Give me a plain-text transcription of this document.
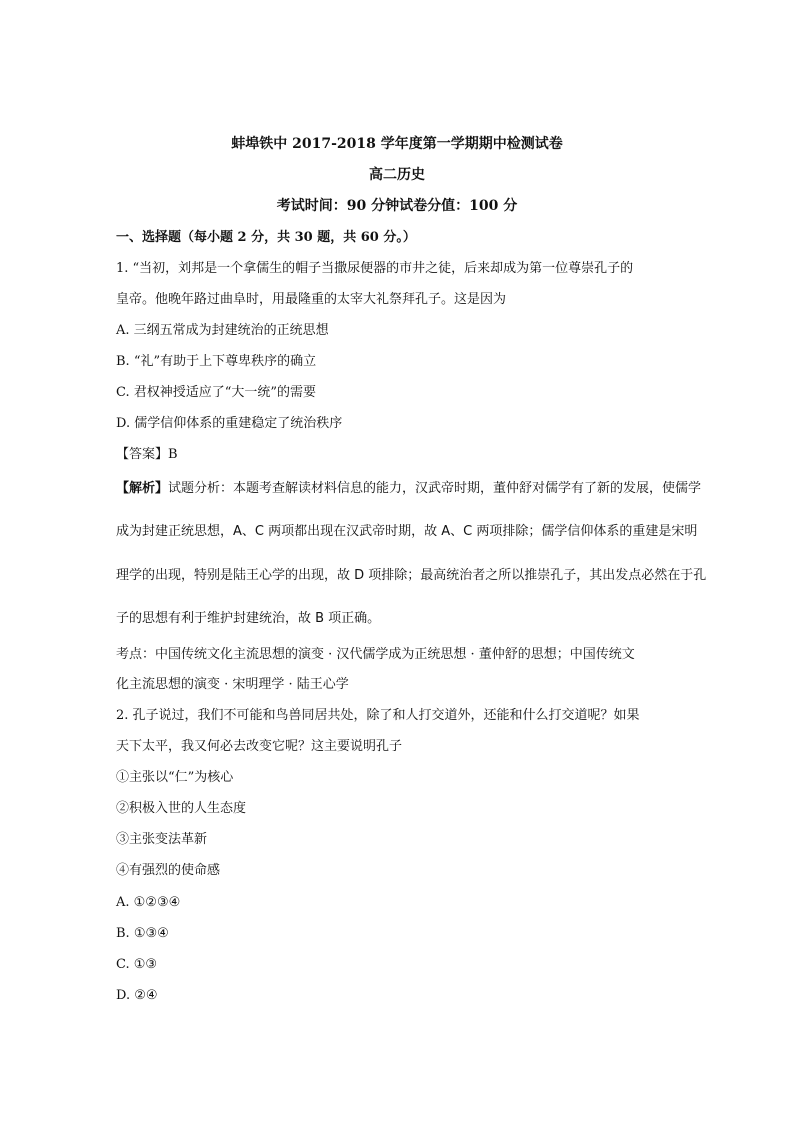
蚌埠铁中 2017-2018 学年度第一学期期中检测试卷
高二历史
考试时间：90 分钟试卷分值：100 分
一、选择题（每小题 2 分，共 30 题，共 60 分。）
1. “当初，刘邦是一个拿儒生的帽子当撒尿便器的市井之徒，后来却成为第一位尊崇孔子的
皇帝。他晚年路过曲阜时，用最隆重的太宰大礼祭拜孔子。这是因为
A. 三纲五常成为封建统治的正统思想
B. “礼”有助于上下尊卑秩序的确立
C. 君权神授适应了“大一统”的需要
D. 儒学信仰体系的重建稳定了统治秩序
【答案】B
【解析】试题分析：本题考查解读材料信息的能力，汉武帝时期，董仲舒对儒学有了新的发展，使儒学
成为封建正统思想，A、C 两项都出现在汉武帝时期，故 A、C 两项排除；儒学信仰体系的重建是宋明
理学的出现，特别是陆王心学的出现，故 D 项排除；最高统治者之所以推崇孔子，其出发点必然在于孔
子的思想有利于维护封建统治，故 B 项正确。
考点：中国传统文化主流思想的演变 · 汉代儒学成为正统思想 · 董仲舒的思想；中国传统文
化主流思想的演变 · 宋明理学 · 陆王心学
2. 孔子说过，我们不可能和鸟兽同居共处，除了和人打交道外，还能和什么打交道呢？如果
天下太平，我又何必去改变它呢？这主要说明孔子
①主张以“仁”为核心
②积极入世的人生态度
③主张变法革新
④有强烈的使命感
A. ①②③④
B. ①③④
C. ①③
D. ②④
